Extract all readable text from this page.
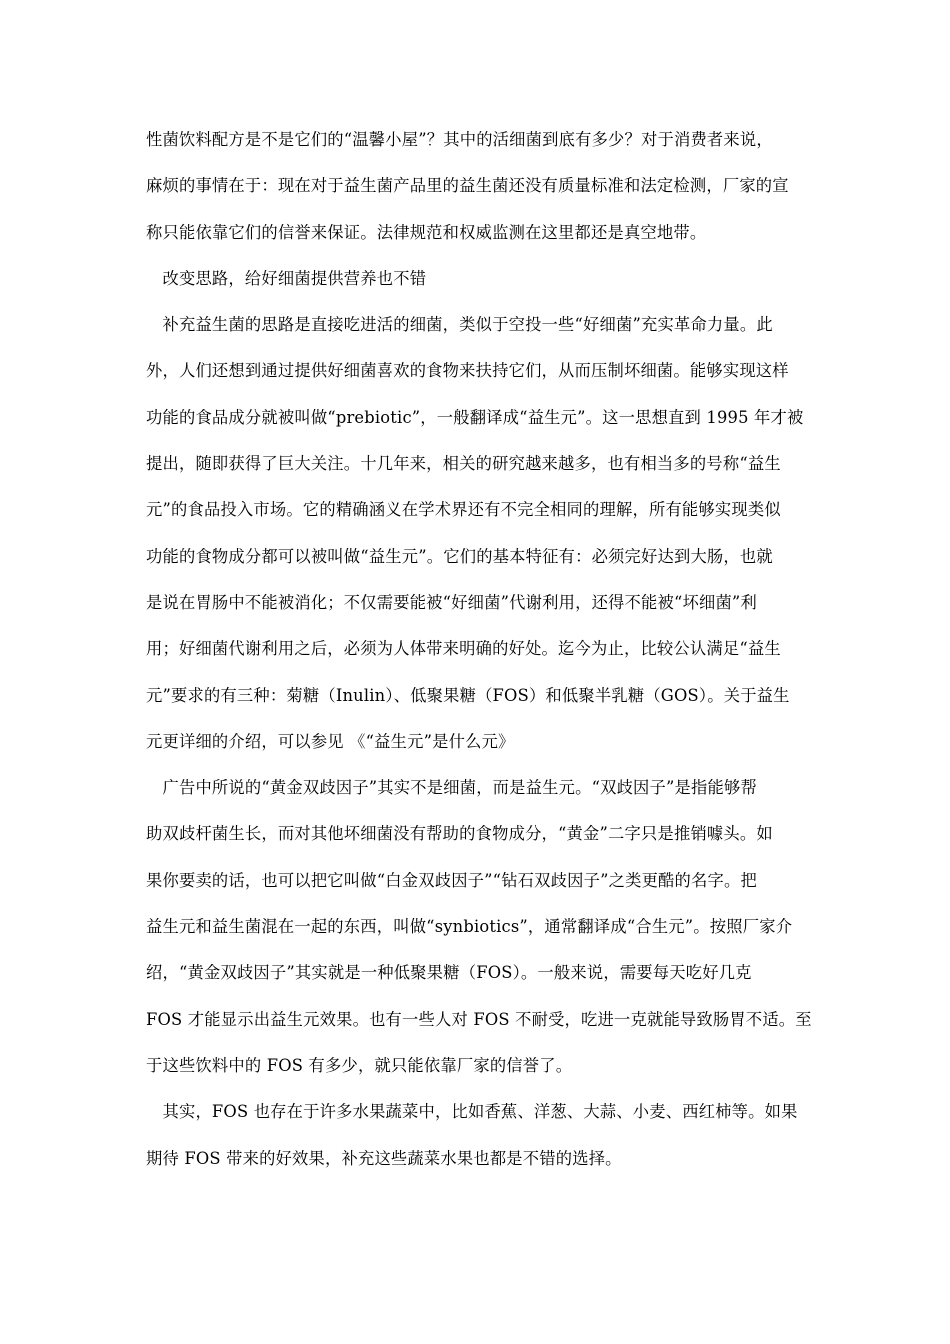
性菌饮料配方是不是它们的“温馨小屋”？其中的活细菌到底有多少？对于消费者来说，
麻烦的事情在于：现在对于益生菌产品里的益生菌还没有质量标准和法定检测，厂家的宣
称只能依靠它们的信誉来保证。法律规范和权威监测在这里都还是真空地带。
　改变思路，给好细菌提供营养也不错
　补充益生菌的思路是直接吃进活的细菌，类似于空投一些“好细菌”充实革命力量。此
外，人们还想到通过提供好细菌喜欢的食物来扶持它们，从而压制坏细菌。能够实现这样
功能的食品成分就被叫做“prebiotic”，一般翻译成“益生元”。这一思想直到 1995 年才被
提出，随即获得了巨大关注。十几年来，相关的研究越来越多，也有相当多的号称“益生
元”的食品投入市场。它的精确涵义在学术界还有不完全相同的理解，所有能够实现类似
功能的食物成分都可以被叫做“益生元”。它们的基本特征有：必须完好达到大肠，也就
是说在胃肠中不能被消化；不仅需要能被“好细菌”代谢利用，还得不能被“坏细菌”利
用；好细菌代谢利用之后，必须为人体带来明确的好处。迄今为止，比较公认满足“益生
元”要求的有三种：菊糖（Inulin）、低聚果糖（FOS）和低聚半乳糖（GOS）。关于益生
元更详细的介绍，可以参见 《“益生元”是什么元》
　广告中所说的“黄金双歧因子”其实不是细菌，而是益生元。“双歧因子”是指能够帮
助双歧杆菌生长，而对其他坏细菌没有帮助的食物成分，“黄金”二字只是推销噱头。如
果你要卖的话，也可以把它叫做“白金双歧因子”“钻石双歧因子”之类更酷的名字。把
益生元和益生菌混在一起的东西，叫做“synbiotics”，通常翻译成“合生元”。按照厂家介
绍，“黄金双歧因子”其实就是一种低聚果糖（FOS）。一般来说，需要每天吃好几克
FOS 才能显示出益生元效果。也有一些人对 FOS 不耐受，吃进一克就能导致肠胃不适。至
于这些饮料中的 FOS 有多少，就只能依靠厂家的信誉了。
　其实，FOS 也存在于许多水果蔬菜中，比如香蕉、洋葱、大蒜、小麦、西红柿等。如果
期待 FOS 带来的好效果，补充这些蔬菜水果也都是不错的选择。
